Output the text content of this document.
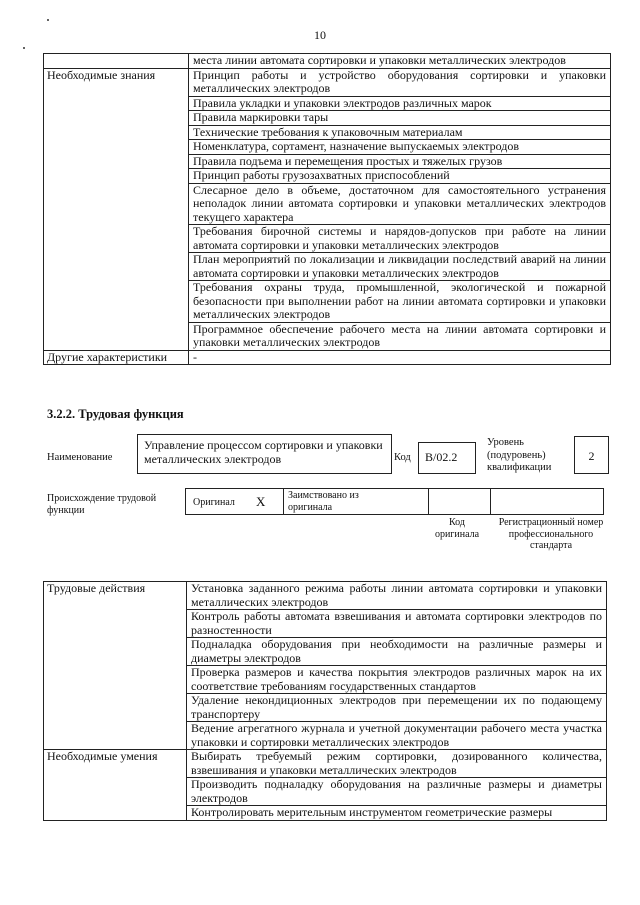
10
	места линии автомата сортировки и упаковки металлических электродов
Необходимые знания	Принцип работы и устройство оборудования сортировки и упаковки металлических электродов
	Правила укладки и упаковки электродов различных марок
	Правила маркировки тары
	Технические требования к упаковочным материалам
	Номенклатура, сортамент, назначение выпускаемых электродов
	Правила подъема и перемещения простых и тяжелых грузов
	Принцип работы грузозахватных приспособлений
	Слесарное дело в объеме, достаточном для самостоятельного устранения неполадок линии автомата сортировки и упаковки металлических электродов текущего характера
	Требования бирочной системы и нарядов-допусков при работе на линии автомата сортировки и упаковки металлических электродов
	План мероприятий по локализации и ликвидации последствий аварий на линии автомата сортировки и упаковки металлических электродов
	Требования охраны труда, промышленной, экологической и пожарной безопасности при выполнении работ на линии автомата сортировки и упаковки металлических электродов
	Программное обеспечение рабочего места на линии автомата сортировки и упаковки металлических электродов
Другие характеристики	-
3.2.2. Трудовая функция
Наименование
Управление процессом сортировки и упаковки металлических электродов	Код	B/02.2
Уровень (подуровень) квалификации
2
Происхождение трудовой функции
Оригинал X Заимствовано из оригинала
Код оригинала
Регистрационный номер профессионального стандарта
Трудовые действия	Установка заданного режима работы линии автомата сортировки и упаковки металлических электродов
	Контроль работы автомата взвешивания и автомата сортировки электродов по разностенности
	Подналадка оборудования при необходимости на различные размеры и диаметры электродов
	Проверка размеров и качества покрытия электродов различных марок на их соответствие требованиям государственных стандартов
	Удаление некондиционных электродов при перемещении их по подающему транспортеру
	Ведение агрегатного журнала и учетной документации рабочего места участка упаковки и сортировки металлических электродов
Необходимые умения	Выбирать требуемый режим сортировки, дозированного количества, взвешивания и упаковки металлических электродов
	Производить подналадку оборудования на различные размеры и диаметры электродов
	Контролировать мерительным инструментом геометрические размеры
